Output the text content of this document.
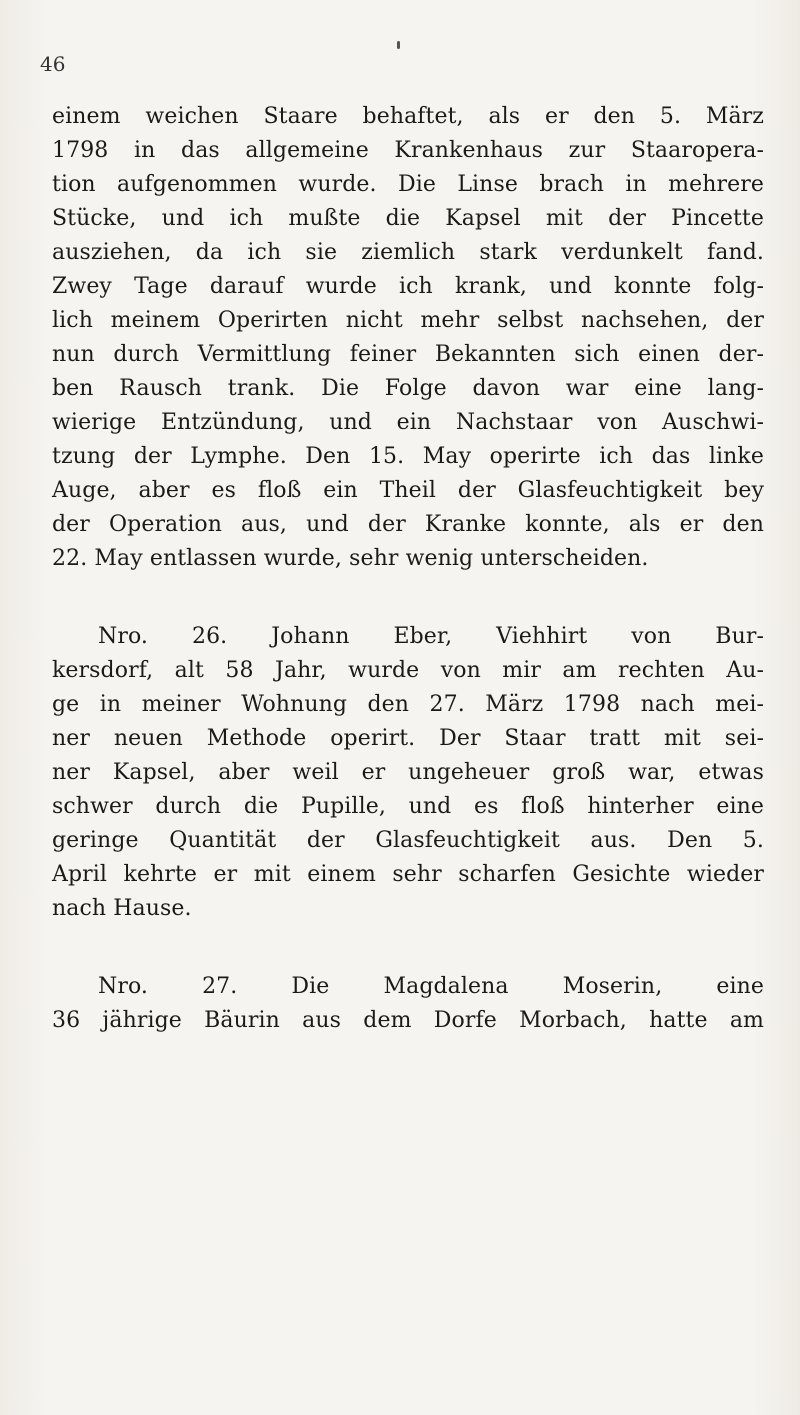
46
einem weichen Staare behaftet, als er den 5. März
1798 in das allgemeine Krankenhaus zur Staaropera-
tion aufgenommen wurde. Die Linse brach in mehrere
Stücke, und ich mußte die Kapsel mit der Pincette
ausziehen, da ich sie ziemlich stark verdunkelt fand.
Zwey Tage darauf wurde ich krank, und konnte folg-
lich meinem Operirten nicht mehr selbst nachsehen, der
nun durch Vermittlung feiner Bekannten sich einen der-
ben Rausch trank. Die Folge davon war eine lang-
wierige Entzündung, und ein Nachstaar von Auschwi-
tzung der Lymphe. Den 15. May operirte ich das linke
Auge, aber es floß ein Theil der Glasfeuchtigkeit bey
der Operation aus, und der Kranke konnte, als er den
22. May entlassen wurde, sehr wenig unterscheiden.
Nro. 26. Johann Eber, Viehhirt von Bur-
kersdorf, alt 58 Jahr, wurde von mir am rechten Au-
ge in meiner Wohnung den 27. März 1798 nach mei-
ner neuen Methode operirt. Der Staar tratt mit sei-
ner Kapsel, aber weil er ungeheuer groß war, etwas
schwer durch die Pupille, und es floß hinterher eine
geringe Quantität der Glasfeuchtigkeit aus. Den 5.
April kehrte er mit einem sehr scharfen Gesichte wieder
nach Hause.
Nro. 27. Die Magdalena Moserin, eine
36 jährige Bäurin aus dem Dorfe Morbach, hatte am
